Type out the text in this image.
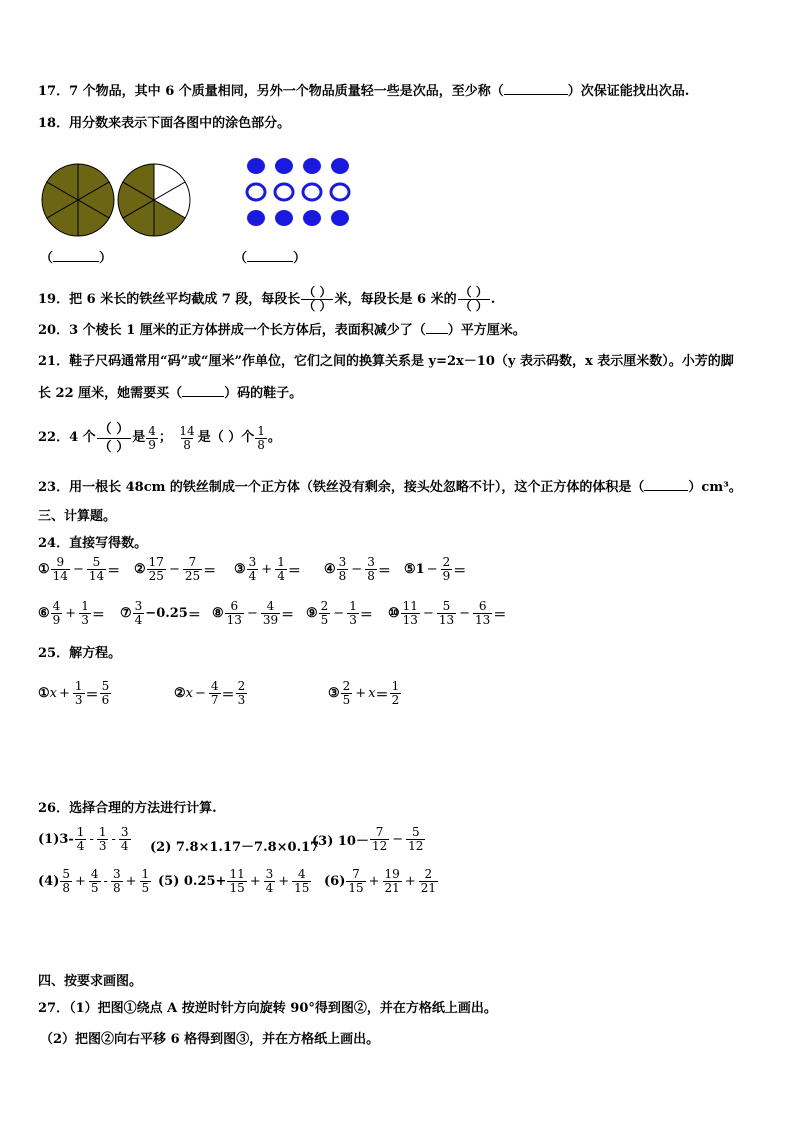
17．7 个物品，其中 6 个质量相同，另外一个物品质量轻一些是次品，至少称（	）次保证能找出次品.
18．用分数来表示下面各图中的涂色部分。
（	）	（	）
19．把 6 米长的铁丝平均截成 7 段，每段长 $\frac{( )}{( )}$ 米，每段长是 6 米的 $\frac{( )}{( )}$ .
20．3 个棱长 1 厘米的正方体拼成一个长方体后，表面积减少了（ ）平方厘米。
21．鞋子尺码通常用“码”或“厘米”作单位，它们之间的换算关系是 y=2x－10（y 表示码数，x 表示厘米数）。小芳的脚
长 22 厘米，她需要买（	）码的鞋子。
22． 4 个 $\frac{( )}{( )}$ 是 $\frac{4}{9}$ ；
$\frac{14}{8}$ 是（ ）个 $\frac{1}{8}$ 。
23．用一根长 48cm 的铁丝制成一个正方体（铁丝没有剩余，接头处忽略不计），这个正方体的体积是（	）cm³。
三、计算题。
24．直接写得数。
① $\frac{9}{14} - \frac{5}{14}$ ＝ ② $\frac{17}{25} - \frac{7}{25}$ ＝ ③ $\frac{3}{4} + \frac{1}{4}$ ＝ ④ $\frac{3}{8} - \frac{3}{8}$ ＝ ⑤ $1 - \frac{2}{9}$ ＝
⑥ $\frac{4}{9} + \frac{1}{3}$ ＝ ⑦ $\frac{3}{4} -0.25$ ＝ ⑧ $\frac{6}{13} - \frac{4}{39}$ ＝ ⑨ $\frac{2}{5} - \frac{1}{3}$ ＝ ⑩ $\frac{11}{13} - \frac{5}{13} - \frac{6}{13}$ ＝
25．解方程。
① $x + \frac{1}{3} = \frac{5}{6}$	② $x - \frac{4}{7} = \frac{2}{3}$	③ $\frac{2}{5} + x = \frac{1}{2}$
26．选择合理的方法进行计算.
$(1)3- \frac{1}{4} - \frac{1}{3} - \frac{3}{4} (2)$ 7.8×1.17－7.8×0.17
(3) $10- \frac{7}{12} - \frac{5}{12}$
$(4) \frac{5}{8} + \frac{4}{5} - \frac{3}{8} + \frac{1}{5} (5)$ $0.25+ \frac{11}{15} + \frac{3}{4} + \frac{4}{15} (6) \frac{7}{15} + \frac{19}{21} + \frac{2}{21}$
四、按要求画图。
27．（1）把图①绕点 A 按逆时针方向旋转 90°得到图②，并在方格纸上画出。
（2）把图②向右平移 6 格得到图③，并在方格纸上画出。
